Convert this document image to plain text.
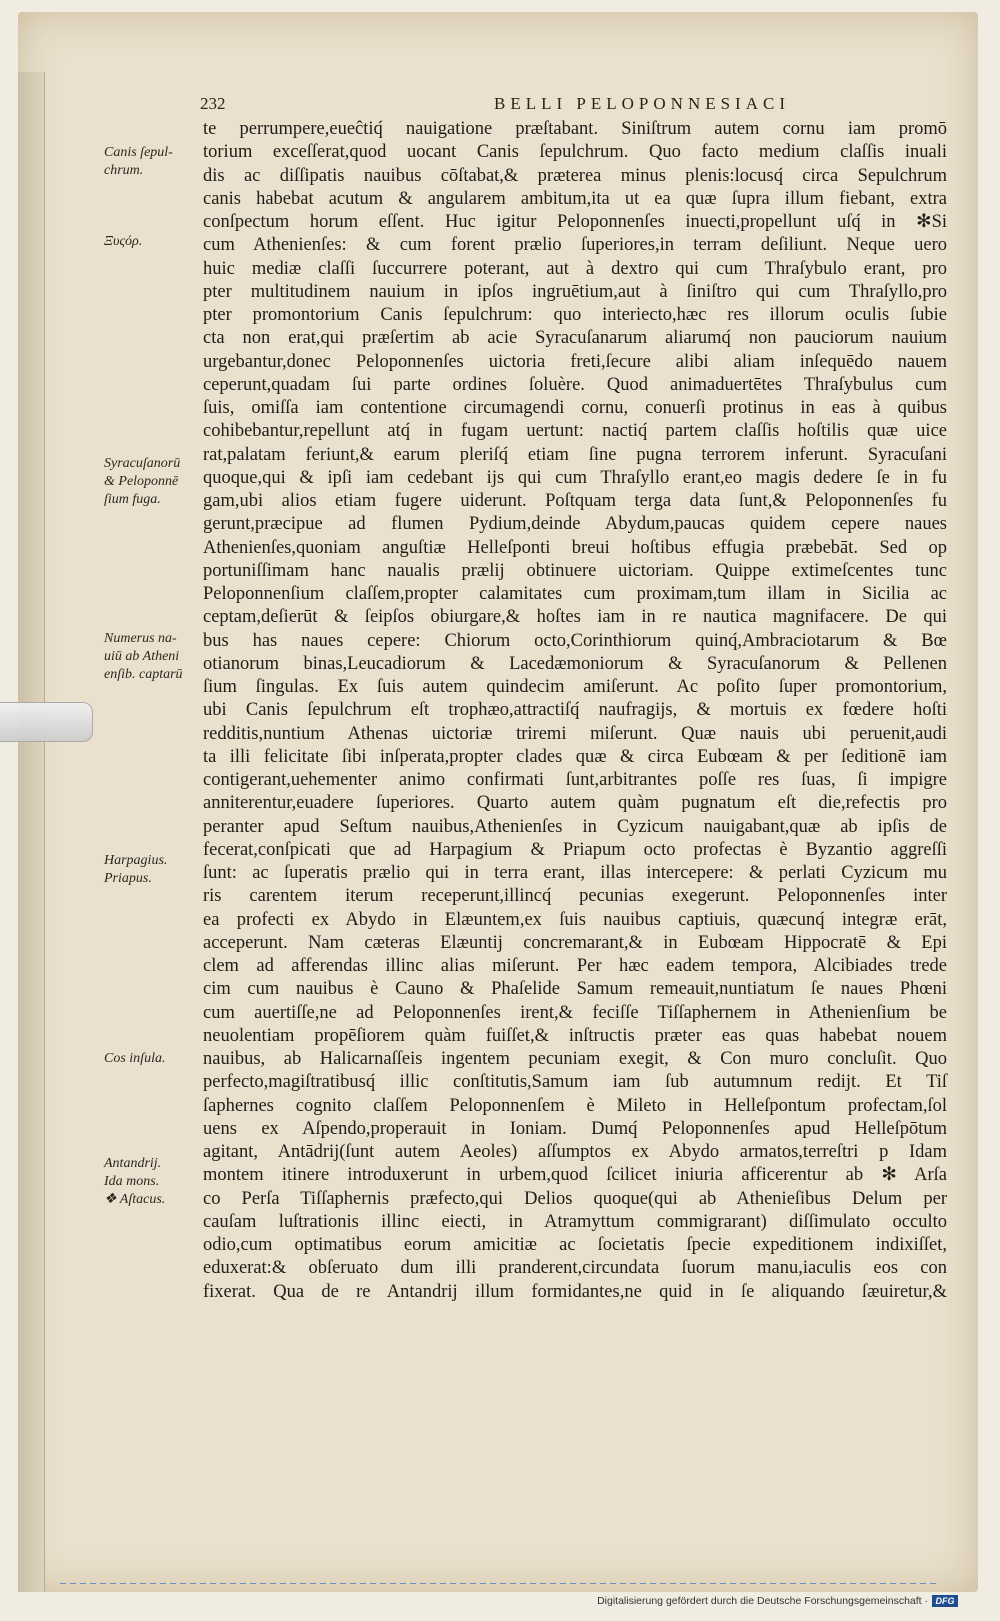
232	BELLI PELOPONNESIACI
Canis ſepul-
chrum.
Ξυςόρ.
Syracuſanorū
& Peloponnē
ſium fuga.
Numerus na-
uiū ab Atheni
enſib. captarū
Harpagius.
Priapus.
Cos inſula.
Antandrij.
Ida mons.
❖ Aſtacus.
te perrumpere,eueĉtiq́ nauigatione præſtabant. Siniſtrum autem cornu iam promō
torium exceſſerat,quod uocant Canis ſepulchrum. Quo facto medium claſſis inuali
dis ac diſſipatis nauibus cōſtabat,& præterea minus plenis:locusq́ circa Sepulchrum
canis habebat acutum & angularem ambitum,ita ut ea quæ ſupra illum fiebant, extra
conſpectum horum eſſent. Huc igitur Peloponnenſes inuecti,propellunt uſq́ in ✻Si
cum Athenienſes: & cum forent prælio ſuperiores,in terram deſiliunt. Neque uero
huic mediæ claſſi ſuccurrere poterant, aut à dextro qui cum Thraſybulo erant, pro
pter multitudinem nauium in ipſos ingruētium,aut à ſiniſtro qui cum Thraſyllo,pro
pter promontorium Canis ſepulchrum: quo interiecto,hæc res illorum oculis ſubie
cta non erat,qui præſertim ab acie Syracuſanarum aliarumq́ non pauciorum nauium
urgebantur,donec Peloponnenſes uictoria freti,ſecure alibi aliam inſequēdo nauem
ceperunt,quadam ſui parte ordines ſoluère. Quod animaduertētes Thraſybulus cum
ſuis, omiſſa iam contentione circumagendi cornu, conuerſi protinus in eas à quibus
cohibebantur,repellunt atq́ in fugam uertunt: nactiq́ partem claſſis hoſtilis quæ uice
rat,palatam feriunt,& earum pleriſq́ etiam ſine pugna terrorem inferunt. Syracuſani
quoque,qui & ipſi iam cedebant ijs qui cum Thraſyllo erant,eo magis dedere ſe in fu
gam,ubi alios etiam fugere uiderunt. Poſtquam terga data ſunt,& Peloponnenſes fu
gerunt,præcipue ad flumen Pydium,deinde Abydum,paucas quidem cepere naues
Athenienſes,quoniam anguſtiæ Helleſponti breui hoſtibus effugia præbebāt. Sed op
portuniſſimam hanc naualis prælij obtinuere uictoriam. Quippe extimeſcentes tunc
Peloponnenſium claſſem,propter calamitates cum proximam,tum illam in Sicilia ac
ceptam,deſierūt & ſeipſos obiurgare,& hoſtes iam in re nautica magnifacere. De qui
bus has naues cepere: Chiorum octo,Corinthiorum quinq́,Ambraciotarum & Bœ
otianorum binas,Leucadiorum & Lacedæmoniorum & Syracuſanorum & Pellenen
ſium ſingulas. Ex ſuis autem quindecim amiſerunt. Ac poſito ſuper promontorium,
ubi Canis ſepulchrum eſt trophæo,attractiſq́ naufragijs, & mortuis ex fœdere hoſti
redditis,nuntium Athenas uictoriæ triremi miſerunt. Quæ nauis ubi peruenit,audi
ta illi felicitate ſibi inſperata,propter clades quæ & circa Eubœam & per ſeditionē iam
contigerant,uehementer animo confirmati ſunt,arbitrantes poſſe res ſuas, ſi impigre
anniterentur,euadere ſuperiores. Quarto autem quàm pugnatum eſt die,refectis pro
peranter apud Seſtum nauibus,Athenienſes in Cyzicum nauigabant,quæ ab ipſis de
fecerat,conſpicati que ad Harpagium & Priapum octo profectas è Byzantio aggreſſi
ſunt: ac ſuperatis prælio qui in terra erant, illas intercepere: & perlati Cyzicum mu
ris carentem iterum receperunt,illincq́ pecunias exegerunt. Peloponnenſes inter
ea profecti ex Abydo in Elæuntem,ex ſuis nauibus captiuis, quæcunq́ integræ erāt,
acceperunt. Nam cæteras Elæuntij concremarant,& in Eubœam Hippocratē & Epi
clem ad afferendas illinc alias miſerunt. Per hæc eadem tempora, Alcibiades trede
cim cum nauibus è Cauno & Phaſelide Samum remeauit,nuntiatum ſe naues Phœni
cum auertiſſe,ne ad Peloponnenſes irent,& feciſſe Tiſſaphernem in Athenienſium be
neuolentiam propēſiorem quàm fuiſſet,& inſtructis præter eas quas habebat nouem
nauibus, ab Halicarnaſſeis ingentem pecuniam exegit, & Con muro concluſit. Quo
perfecto,magiſtratibusq́ illic conſtitutis,Samum iam ſub autumnum redijt. Et Tiſ
ſaphernes cognito claſſem Peloponnenſem è Mileto in Helleſpontum profectam,ſol
uens ex Aſpendo,properauit in Ioniam. Dumq́ Peloponnenſes apud Helleſpōtum
agitant, Antādrij(ſunt autem Aeoles) aſſumptos ex Abydo armatos,terreſtri p Idam
montem itinere introduxerunt in urbem,quod ſcilicet iniuria afficerentur ab ✻ Arſa
co Perſa Tiſſaphernis præfecto,qui Delios quoque(qui ab Athenieſibus Delum per
cauſam luſtrationis illinc eiecti, in Atramyttum commigrarant) diſſimulato occulto
odio,cum optimatibus eorum amicitiæ ac ſocietatis ſpecie expeditionem indixiſſet,
eduxerat:& obſeruato dum illi pranderent,circundata ſuorum manu,iaculis eos con
fixerat. Qua de re Antandrij illum formidantes,ne quid in ſe aliquando ſæuiretur,&
Digitalisierung gefördert durch die Deutsche Forschungsgemeinschaft · DFG
